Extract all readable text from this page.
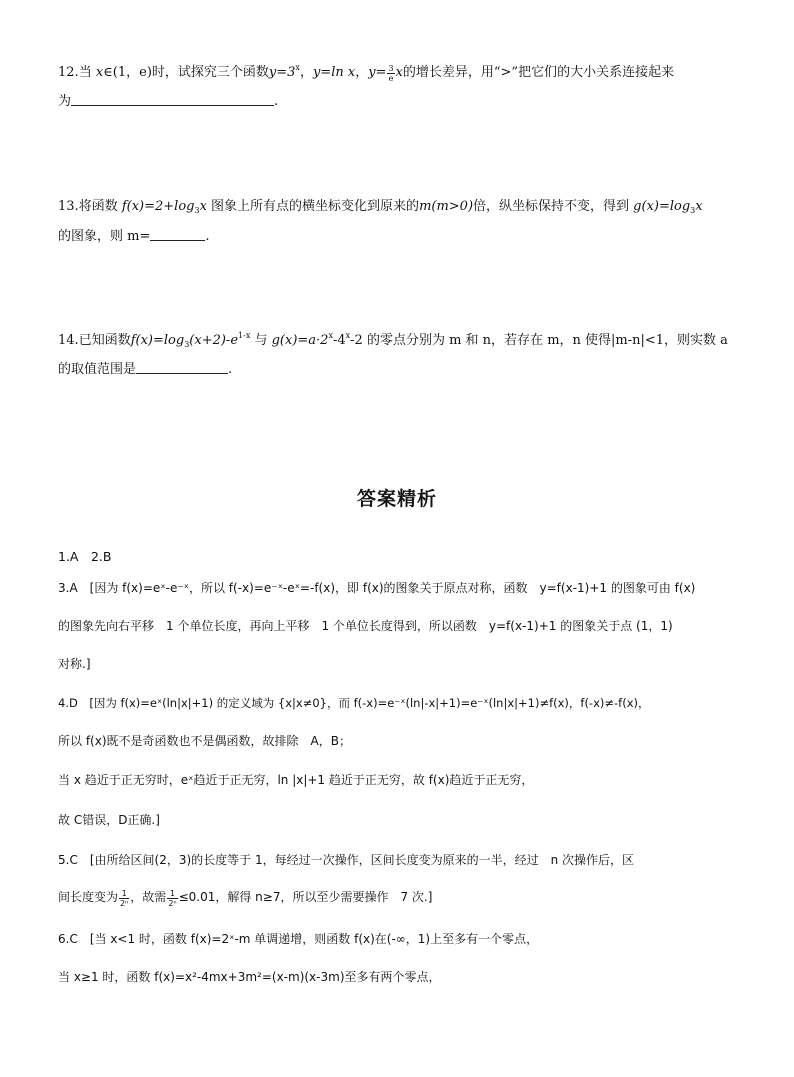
12.当 x∈(1，e)时，试探究三个函数$y=3^x$，y=ln x，$y= \frac{3}{e}$ x的增长差异，用“>”把它们的大小关系连接起来
为	.
13.将函数 $f(x)=2+\log_3x$ 图象上所有点的横坐标变化到原来的m(m>0)倍，纵坐标保持不变，得到 $g(x)=\log_3x$
的图象，则 m=	.
14.已知函数$f(x)=\log_3(x+2)-e^{1-x}$ 与 $g(x)=a\cdot 2^x-4^x-2$ 的零点分别为 m 和 n，若存在 m，n 使得|m-n|<1，则实数 a
的取值范围是	.
答案精析
1.A　2.B
3.A　[因为 f(x)=eˣ-e⁻ˣ，所以 f(-x)=e⁻ˣ-eˣ=-f(x)，即 f(x)的图象关于原点对称，函数　y=f(x-1)+1 的图象可由 f(x)
的图象先向右平移　1 个单位长度，再向上平移　1 个单位长度得到，所以函数　y=f(x-1)+1 的图象关于点 (1，1)
对称.]
4.D　[因为 f(x)=eˣ(ln|x|+1) 的定义域为 {x|x≠0}，而 f(-x)=e⁻ˣ(ln|-x|+1)=e⁻ˣ(ln|x|+1)≠f(x)，f(-x)≠-f(x)，
所以 f(x)既不是奇函数也不是偶函数，故排除　A，B；
当 x 趋近于正无穷时，eˣ趋近于正无穷，ln |x|+1 趋近于正无穷，故 f(x)趋近于正无穷，
故 C错误，D正确.]
5.C　[由所给区间(2，3)的长度等于 1，每经过一次操作，区间长度变为原来的一半，经过　n 次操作后，区
间长度变为 $\frac{1}{\text{2ⁿ}}$ ，故需 $\frac{1}{\text{2ⁿ}} \le 0.01$，解得 n≥7，所以至少需要操作　7 次.]
6.C　[当 x<1 时，函数 f(x)=2ˣ-m 单调递增，则函数 f(x)在(-∞，1)上至多有一个零点，
当 x≥1 时，函数 f(x)=x²-4mx+3m²=(x-m)(x-3m)至多有两个零点，
